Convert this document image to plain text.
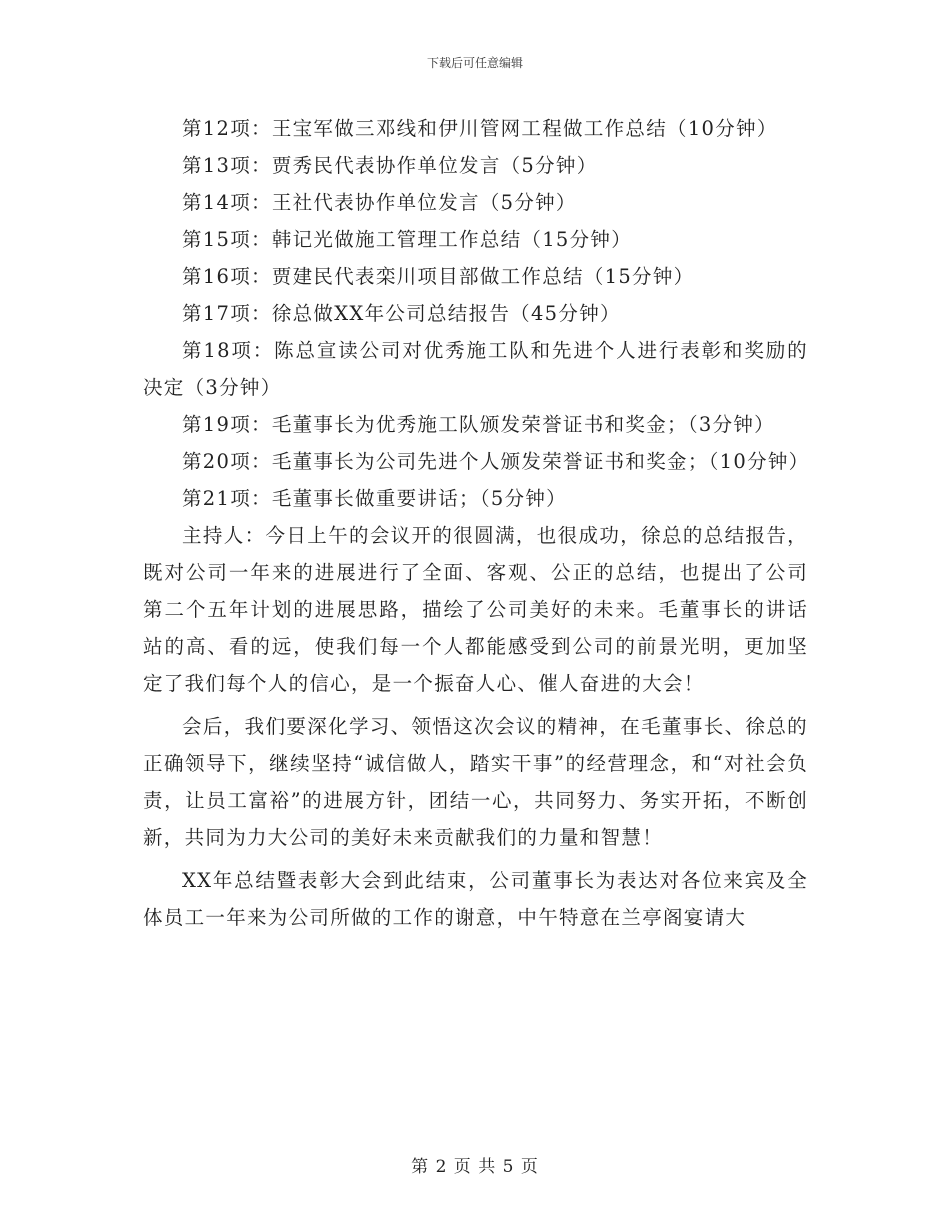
下载后可任意编辑

第12项：王宝军做三邓线和伊川管网工程做工作总结（10分钟）

第13项：贾秀民代表协作单位发言（5分钟）

第14项：王社代表协作单位发言（5分钟）

第15项：韩记光做施工管理工作总结（15分钟）

第16项：贾建民代表栾川项目部做工作总结（15分钟）

第17项：徐总做XX年公司总结报告（45分钟）

第18项：陈总宣读公司对优秀施工队和先进个人进行表彰和奖励的决定（3分钟）

第19项：毛董事长为优秀施工队颁发荣誉证书和奖金；（3分钟）

第20项：毛董事长为公司先进个人颁发荣誉证书和奖金；（10分钟）

第21项：毛董事长做重要讲话；（5分钟）

主持人：今日上午的会议开的很圆满，也很成功，徐总的总结报告，既对公司一年来的进展进行了全面、客观、公正的总结，也提出了公司第二个五年计划的进展思路，描绘了公司美好的未来。毛董事长的讲话站的高、看的远，使我们每一个人都能感受到公司的前景光明，更加坚定了我们每个人的信心，是一个振奋人心、催人奋进的大会！

会后，我们要深化学习、领悟这次会议的精神，在毛董事长、徐总的正确领导下，继续坚持“诚信做人，踏实干事”的经营理念，和“对社会负责，让员工富裕”的进展方针，团结一心，共同努力、务实开拓，不断创新，共同为力大公司的美好未来贡献我们的力量和智慧！

XX年总结暨表彰大会到此结束，公司董事长为表达对各位来宾及全体员工一年来为公司所做的工作的谢意，中午特意在兰亭阁宴请大

第 2 页 共 5 页
